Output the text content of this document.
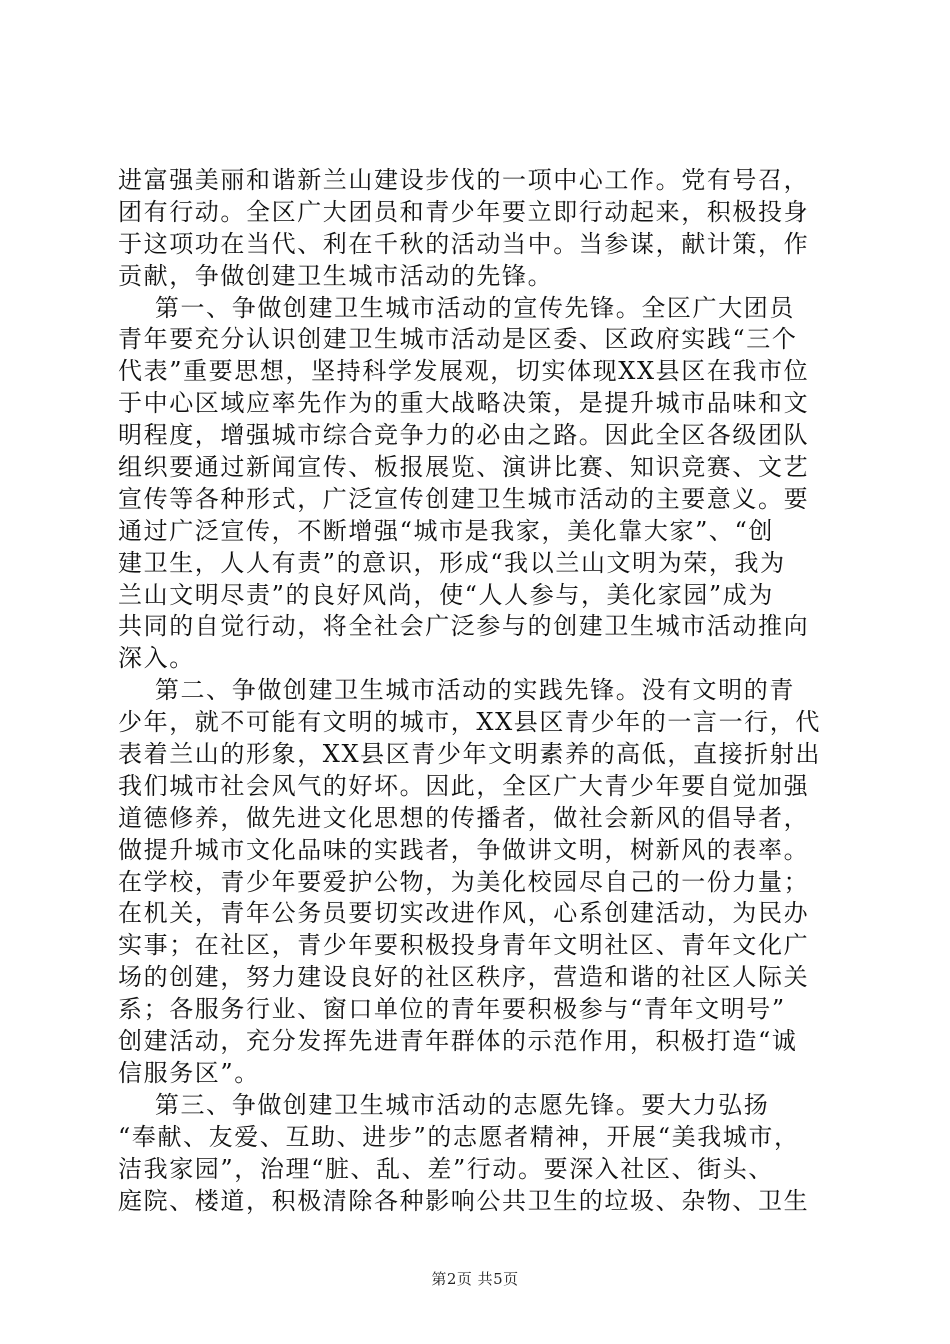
进富强美丽和谐新兰山建设步伐的一项中心工作。党有号召，
团有行动。全区广大团员和青少年要立即行动起来，积极投身
于这项功在当代、利在千秋的活动当中。当参谋，献计策，作
贡献，争做创建卫生城市活动的先锋。
第一、争做创建卫生城市活动的宣传先锋。全区广大团员
青年要充分认识创建卫生城市活动是区委、区政府实践“三个
代表”重要思想，坚持科学发展观，切实体现XX县区在我市位
于中心区域应率先作为的重大战略决策，是提升城市品味和文
明程度，增强城市综合竞争力的必由之路。因此全区各级团队
组织要通过新闻宣传、板报展览、演讲比赛、知识竞赛、文艺
宣传等各种形式，广泛宣传创建卫生城市活动的主要意义。要
通过广泛宣传，不断增强“城市是我家，美化靠大家”、“创
建卫生，人人有责”的意识，形成“我以兰山文明为荣，我为
兰山文明尽责”的良好风尚，使“人人参与，美化家园”成为
共同的自觉行动，将全社会广泛参与的创建卫生城市活动推向
深入。
第二、争做创建卫生城市活动的实践先锋。没有文明的青
少年，就不可能有文明的城市，XX县区青少年的一言一行，代
表着兰山的形象，XX县区青少年文明素养的高低，直接折射出
我们城市社会风气的好坏。因此，全区广大青少年要自觉加强
道德修养，做先进文化思想的传播者，做社会新风的倡导者，
做提升城市文化品味的实践者，争做讲文明，树新风的表率。
在学校，青少年要爱护公物，为美化校园尽自己的一份力量；
在机关，青年公务员要切实改进作风，心系创建活动，为民办
实事；在社区，青少年要积极投身青年文明社区、青年文化广
场的创建，努力建设良好的社区秩序，营造和谐的社区人际关
系；各服务行业、窗口单位的青年要积极参与“青年文明号”
创建活动，充分发挥先进青年群体的示范作用，积极打造“诚
信服务区”。
第三、争做创建卫生城市活动的志愿先锋。要大力弘扬
“奉献、友爱、互助、进步”的志愿者精神，开展“美我城市，
洁我家园”，治理“脏、乱、差”行动。要深入社区、街头、
庭院、楼道，积极清除各种影响公共卫生的垃圾、杂物、卫生
第2页 共5页
